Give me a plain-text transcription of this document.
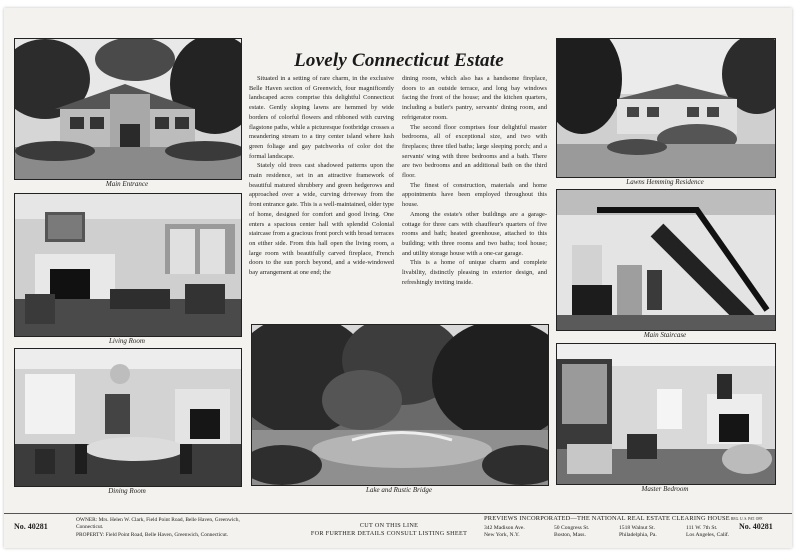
Lovely Connecticut Estate
Main Entrance
Living Room
Dining Room

Situated in a setting of rare charm, in the exclusive Belle Haven section of Greenwich, four magnificently landscaped acres comprise this delightful Connecticut estate. Gently sloping lawns are hemmed by wide borders of colorful flowers and ribboned with curving flagstone paths, while a picturesque footbridge crosses a meandering stream to a tiny center island where lush green foliage and gay patchworks of color dot the formal landscape.

Stately old trees cast shadowed patterns upon the main residence, set in an attractive framework of beautiful matured shrubbery and green hedgerows and approached over a wide, curving driveway from the front entrance gate. This is a well-maintained, older type of home, designed for comfort and good living. One enters a spacious center hall with splendid Colonial staircase from a gracious front porch with broad terraces on either side. From this hall open the living room, a large room with beautifully carved fireplace, French doors to the sun porch beyond, and a wide-windowed bay arrangement at one end; the

dining room, which also has a handsome fireplace, doors to an outside terrace, and long bay windows facing the front of the house; and the kitchen quarters, including a butler's pantry, servants' dining room, and refrigerator room.

The second floor comprises four delightful master bedrooms, all of exceptional size, and two with fireplaces; three tiled baths; large sleeping porch; and a servants' wing with three bedrooms and a bath. There are two bedrooms and an additional bath on the third floor.

The finest of construction, materials and home appointments have been employed throughout this house.

Among the estate's other buildings are a garage-cottage for three cars with chauffeur's quarters of five rooms and bath; heated greenhouse, attached to this building; with three rooms and two baths; tool house; and utility storage house with a one-car garage.

This is a home of unique charm and complete livability, distinctly pleasing in exterior design, and refreshingly inviting inside.

Lake and Rustic Bridge
Lawns Hemming Residence
Main Staircase
Master Bedroom
No. 40281
OWNER: Mrs. Helen W. Clark, Field Point Road, Belle Haven, Greenwich, Connecticut.
PROPERTY: Field Point Road, Belle Haven, Greenwich, Connecticut.
CUT ON THIS LINE
FOR FURTHER DETAILS CONSULT LISTING SHEET
PREVIEWS INCORPORATED—THE NATIONAL REAL ESTATE CLEARING HOUSE REG. U. S. PAT. OFF.
342 Madison Ave.
New York, N.Y.
50 Congress St.
Boston, Mass.
1518 Walnut St.
Philadelphia, Pa.
111 W. 7th St.
Los Angeles, Calif.
No. 40281
